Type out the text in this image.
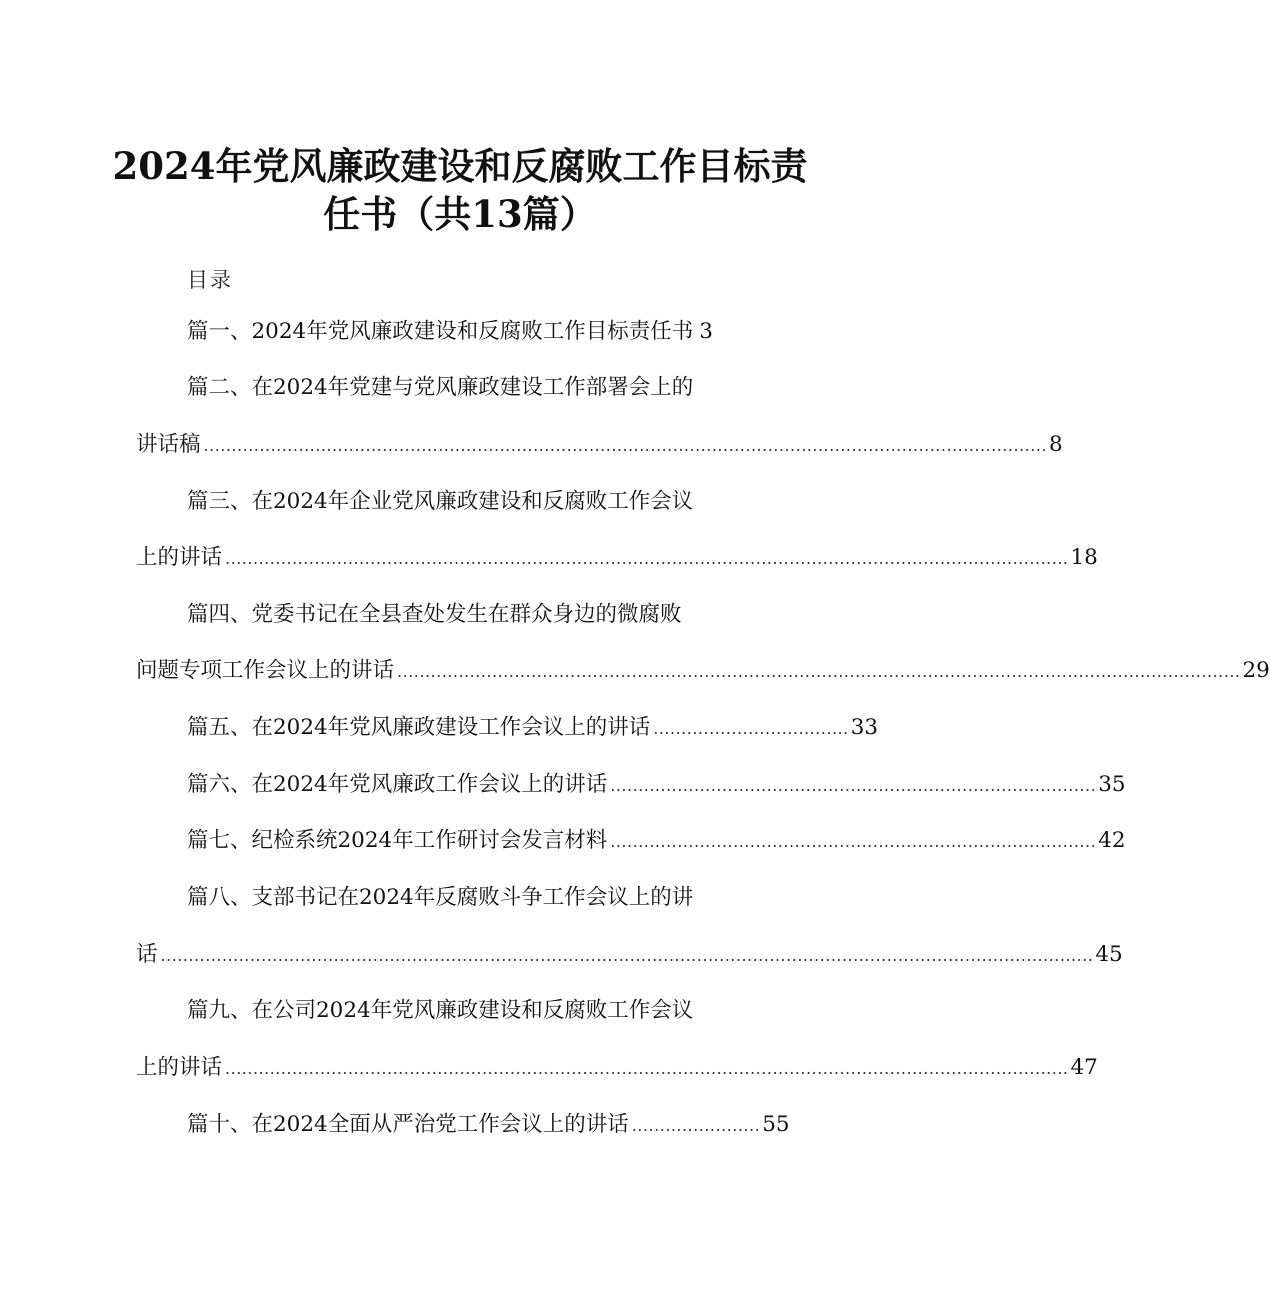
2024年党风廉政建设和反腐败工作目标责
任书（共13篇）
目录
篇一、2024年党风廉政建设和反腐败工作目标责任书 3
篇二、在2024年党建与党风廉政建设工作部署会上的
讲话稿 ....................................................................................................................................................... 8
篇三、在2024年企业党风廉政建设和反腐败工作会议
上的讲话 ....................................................................................................................................................... 18
篇四、党委书记在全县查处发生在群众身边的微腐败
问题专项工作会议上的讲话 ....................................................................................................................................................... 29
篇五、在2024年党风廉政建设工作会议上的讲话 ................................... 33
篇六、在2024年党风廉政工作会议上的讲话 ....................................................................................... 35
篇七、纪检系统2024年工作研讨会发言材料 ....................................................................................... 42
篇八、支部书记在2024年反腐败斗争工作会议上的讲
话 ....................................................................................................................................................................... 45
篇九、在公司2024年党风廉政建设和反腐败工作会议
上的讲话 ....................................................................................................................................................... 47
篇十、在2024全面从严治党工作会议上的讲话 ....................... 55
